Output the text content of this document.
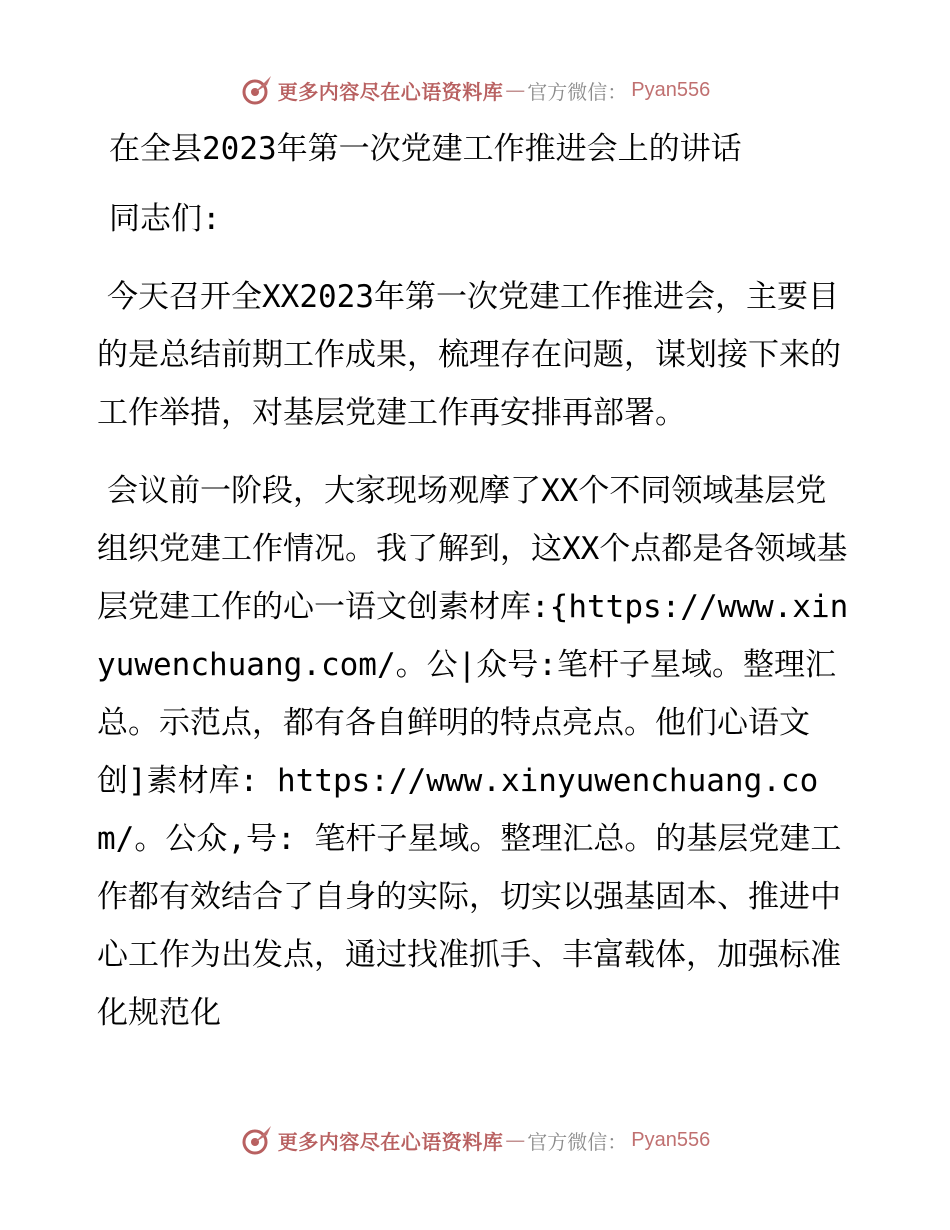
更多内容尽在心语资料库 — 官方微信： Pyan556

在全县2023年第一次党建工作推进会上的讲话

同志们:

今天召开全XX2023年第一次党建工作推进会，主要目的是总结前期工作成果，梳理存在问题，谋划接下来的工作举措，对基层党建工作再安排再部署。

会议前一阶段，大家现场观摩了XX个不同领域基层党组织党建工作情况。我了解到，这XX个点都是各领域基层党建工作的心一语文创素材库:{https://www.xinyuwenchuang.com/。公|众号:笔杆子星域。整理汇总。示范点，都有各自鲜明的特点亮点。他们心语文创]素材库: https://www.xinyuwenchuang.com/。公众,号: 笔杆子星域。整理汇总。的基层党建工作都有效结合了自身的实际，切实以强基固本、推进中心工作为出发点，通过找准抓手、丰富载体，加强标准化规范化

更多内容尽在心语资料库 — 官方微信： Pyan556
